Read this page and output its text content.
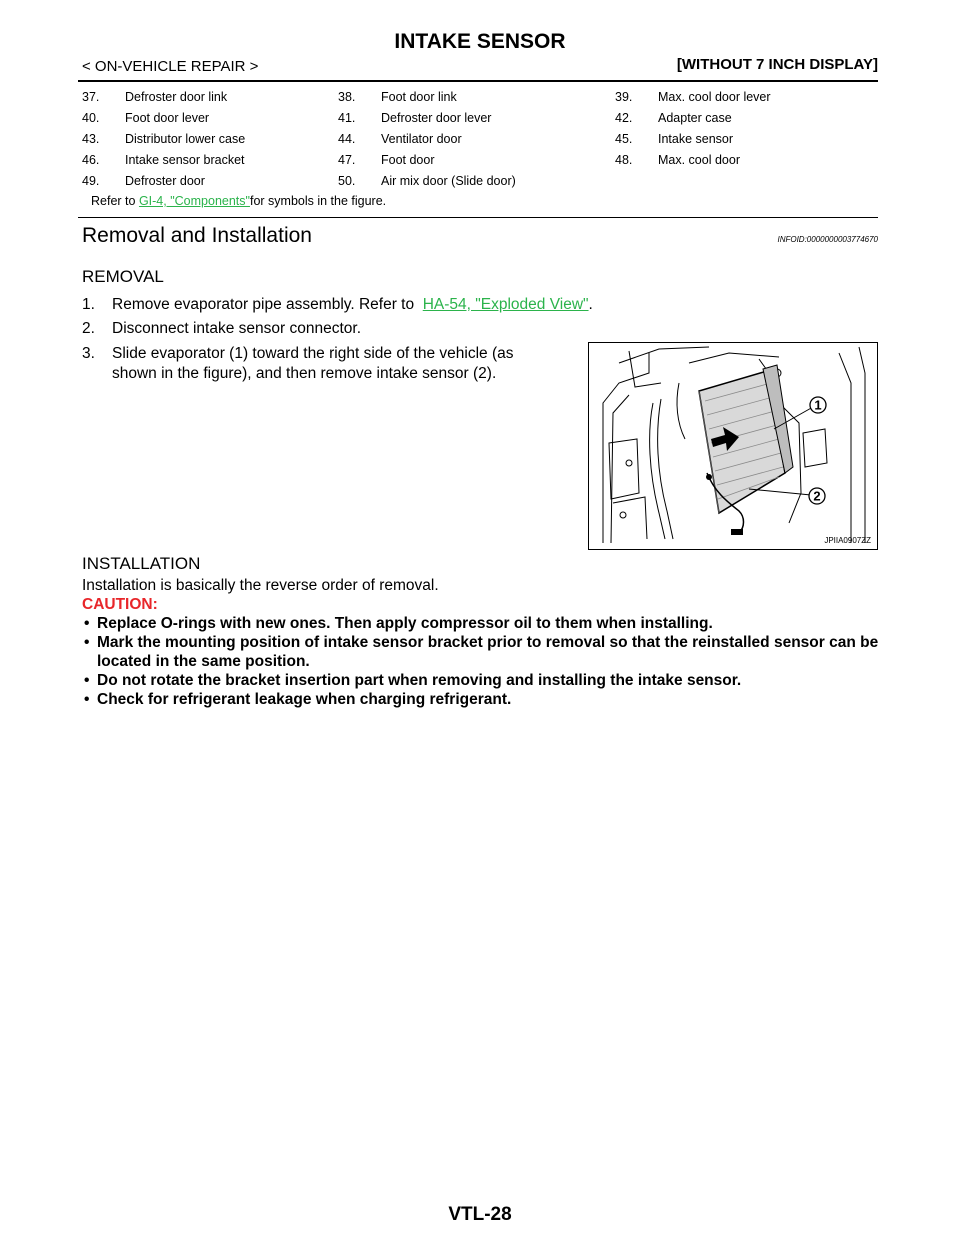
INTAKE SENSOR
< ON-VEHICLE REPAIR >	[WITHOUT 7 INCH DISPLAY]
37.	Defroster door link	38.	Foot door link	39.	Max. cool door lever
40.	Foot door lever	41.	Defroster door lever	42.	Adapter case
43.	Distributor lower case	44.	Ventilator door	45.	Intake sensor
46.	Intake sensor bracket	47.	Foot door	48.	Max. cool door
49.	Defroster door	50.	Air mix door (Slide door)
Refer to
GI-4, "Components" for symbols in the figure.
Removal and Installation	INFOID:0000000003774670
REMOVAL
1. Remove evaporator pipe assembly. Refer to  HA-54, "Exploded View".
2. Disconnect intake sensor connector.
3. Slide evaporator (1) toward the right side of the vehicle (as
shown in the figure), and then remove intake sensor (2).
1
2
JPIIA0907ZZ
INSTALLATION
Installation is basically the reverse order of removal.
CAUTION:
• Replace O-rings with new ones. Then apply compressor oil to them when installing.
• Mark the mounting position of intake sensor bracket prior to removal so that the reinstalled sensor can be located in the same position.
• Do not rotate the bracket insertion part when removing and installing the intake sensor.
• Check for refrigerant leakage when charging refrigerant.
VTL-28
